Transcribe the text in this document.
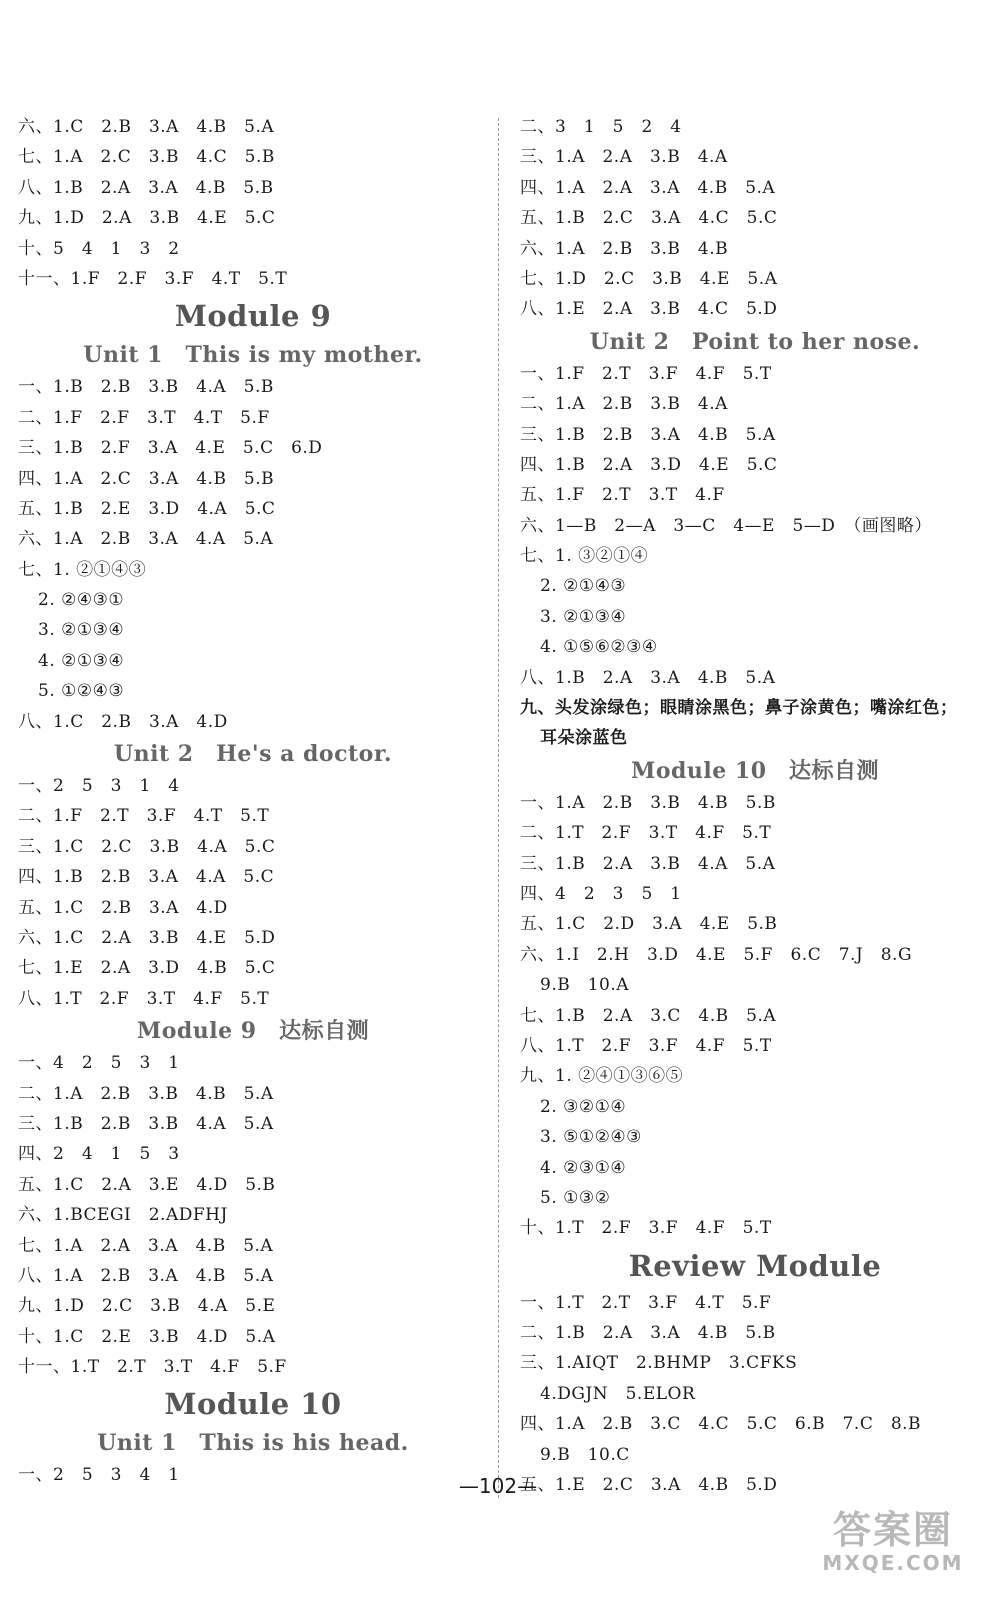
六、1.C　2.B　3.A　4.B　5.A
七、1.A　2.C　3.B　4.C　5.B
八、1.B　2.A　3.A　4.B　5.B
九、1.D　2.A　3.B　4.E　5.C
十、5　4　1　3　2
十一、1.F　2.F　3.F　4.T　5.T
Module 9
Unit 1　This is my mother.
一、1.B　2.B　3.B　4.A　5.B
二、1.F　2.F　3.T　4.T　5.F
三、1.B　2.F　3.A　4.E　5.C　6.D
四、1.A　2.C　3.A　4.B　5.B
五、1.B　2.E　3.D　4.A　5.C
六、1.A　2.B　3.A　4.A　5.A
七、1. ②①④③
2. ②④③①
3. ②①③④
4. ②①③④
5. ①②④③
八、1.C　2.B　3.A　4.D
Unit 2　He's a doctor.
一、2　5　3　1　4
二、1.F　2.T　3.F　4.T　5.T
三、1.C　2.C　3.B　4.A　5.C
四、1.B　2.B　3.A　4.A　5.C
五、1.C　2.B　3.A　4.D
六、1.C　2.A　3.B　4.E　5.D
七、1.E　2.A　3.D　4.B　5.C
八、1.T　2.F　3.T　4.F　5.T
Module 9　达标自测
一、4　2　5　3　1
二、1.A　2.B　3.B　4.B　5.A
三、1.B　2.B　3.B　4.A　5.A
四、2　4　1　5　3
五、1.C　2.A　3.E　4.D　5.B
六、1.BCEGI　2.ADFHJ
七、1.A　2.A　3.A　4.B　5.A
八、1.A　2.B　3.A　4.B　5.A
九、1.D　2.C　3.B　4.A　5.E
十、1.C　2.E　3.B　4.D　5.A
十一、1.T　2.T　3.T　4.F　5.F
Module 10
Unit 1　This is his head.
一、2　5　3　4　1
二、3　1　5　2　4
三、1.A　2.A　3.B　4.A
四、1.A　2.A　3.A　4.B　5.A
五、1.B　2.C　3.A　4.C　5.C
六、1.A　2.B　3.B　4.B
七、1.D　2.C　3.B　4.E　5.A
八、1.E　2.A　3.B　4.C　5.D
Unit 2　Point to her nose.
一、1.F　2.T　3.F　4.F　5.T
二、1.A　2.B　3.B　4.A
三、1.B　2.B　3.A　4.B　5.A
四、1.B　2.A　3.D　4.E　5.C
五、1.F　2.T　3.T　4.F
六、1—B　2—A　3—C　4—E　5—D　（画图略）
七、1. ③②①④
2. ②①④③
3. ②①③④
4. ①⑤⑥②③④
八、1.B　2.A　3.A　4.B　5.A
九、头发涂绿色；眼睛涂黑色；鼻子涂黄色；嘴涂红色；
耳朵涂蓝色
Module 10　达标自测
一、1.A　2.B　3.B　4.B　5.B
二、1.T　2.F　3.T　4.F　5.T
三、1.B　2.A　3.B　4.A　5.A
四、4　2　3　5　1
五、1.C　2.D　3.A　4.E　5.B
六、1.I　2.H　3.D　4.E　5.F　6.C　7.J　8.G
9.B　10.A
七、1.B　2.A　3.C　4.B　5.A
八、1.T　2.F　3.F　4.F　5.T
九、1. ②④①③⑥⑤
2. ③②①④
3. ⑤①②④③
4. ②③①④
5. ①③②
十、1.T　2.F　3.F　4.F　5.T
Review Module
一、1.T　2.T　3.F　4.T　5.F
二、1.B　2.A　3.A　4.B　5.B
三、1.AIQT　2.BHMP　3.CFKS
4.DGJN　5.ELOR
四、1.A　2.B　3.C　4.C　5.C　6.B　7.C　8.B
9.B　10.C
五、1.E　2.C　3.A　4.B　5.D
—102—
答案圈
MXQE.COM
